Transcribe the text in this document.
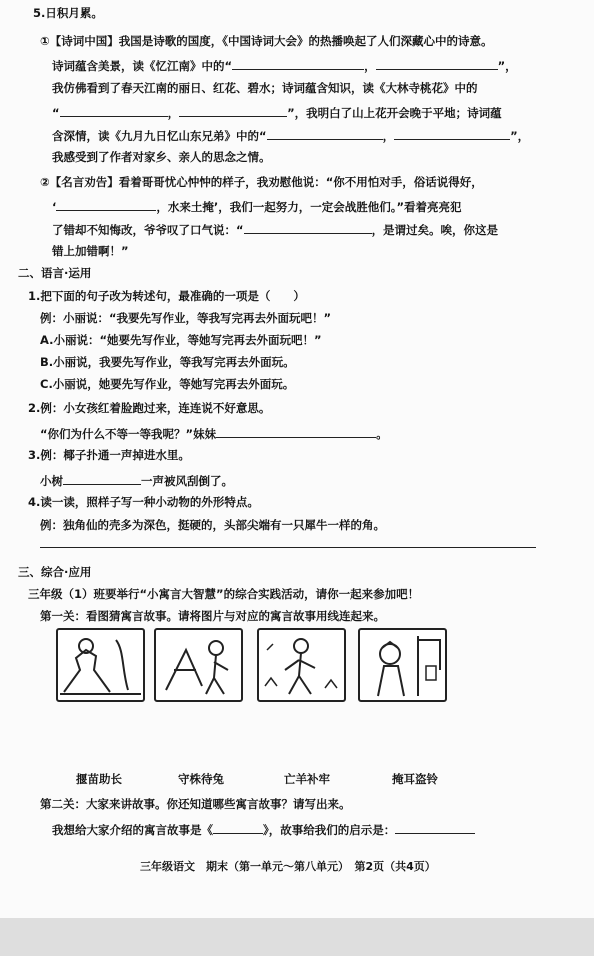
5.日积月累。
①【诗词中国】我国是诗歌的国度，《中国诗词大会》的热播唤起了人们深藏心中的诗意。
诗词蕴含美景，读《忆江南》中的“	，	”，
我仿佛看到了春天江南的丽日、红花、碧水；诗词蕴含知识，读《大林寺桃花》中的
“	，	”，我明白了山上花开会晚于平地；诗词蕴
含深情，读《九月九日忆山东兄弟》中的“	，	”，
我感受到了作者对家乡、亲人的思念之情。
②【名言劝告】看着哥哥忧心忡忡的样子，我劝慰他说：“你不用怕对手，俗话说得好，
‘	，水来土掩’，我们一起努力，一定会战胜他们。”看着亮亮犯
了错却不知悔改，爷爷叹了口气说：“	，是谓过矣。唉，你这是
错上加错啊！”
二、语言·运用
1.把下面的句子改为转述句，最准确的一项是（　　）
例：小丽说：“我要先写作业，等我写完再去外面玩吧！”
A.小丽说：“她要先写作业，等她写完再去外面玩吧！”
B.小丽说，我要先写作业，等我写完再去外面玩。
C.小丽说，她要先写作业，等她写完再去外面玩。
2.例：小女孩红着脸跑过来，连连说不好意思。
“你们为什么不等一等我呢？”妹妹	。
3.例：椰子扑通一声掉进水里。
小树	一声被风刮倒了。
4.读一读，照样子写一种小动物的外形特点。
例：独角仙的壳多为深色，挺硬的，头部尖端有一只犀牛一样的角。
三、综合·应用
三年级（1）班要举行“小寓言大智慧”的综合实践活动，请你一起来参加吧！
第一关：看图猜寓言故事。请将图片与对应的寓言故事用线连起来。
揠苗助长	守株待兔	亡羊补牢	掩耳盗铃
第二关：大家来讲故事。你还知道哪些寓言故事？请写出来。
我想给大家介绍的寓言故事是《	》，故事给我们的启示是：
三年级语文　期末（第一单元～第八单元）　第2页（共4页）
